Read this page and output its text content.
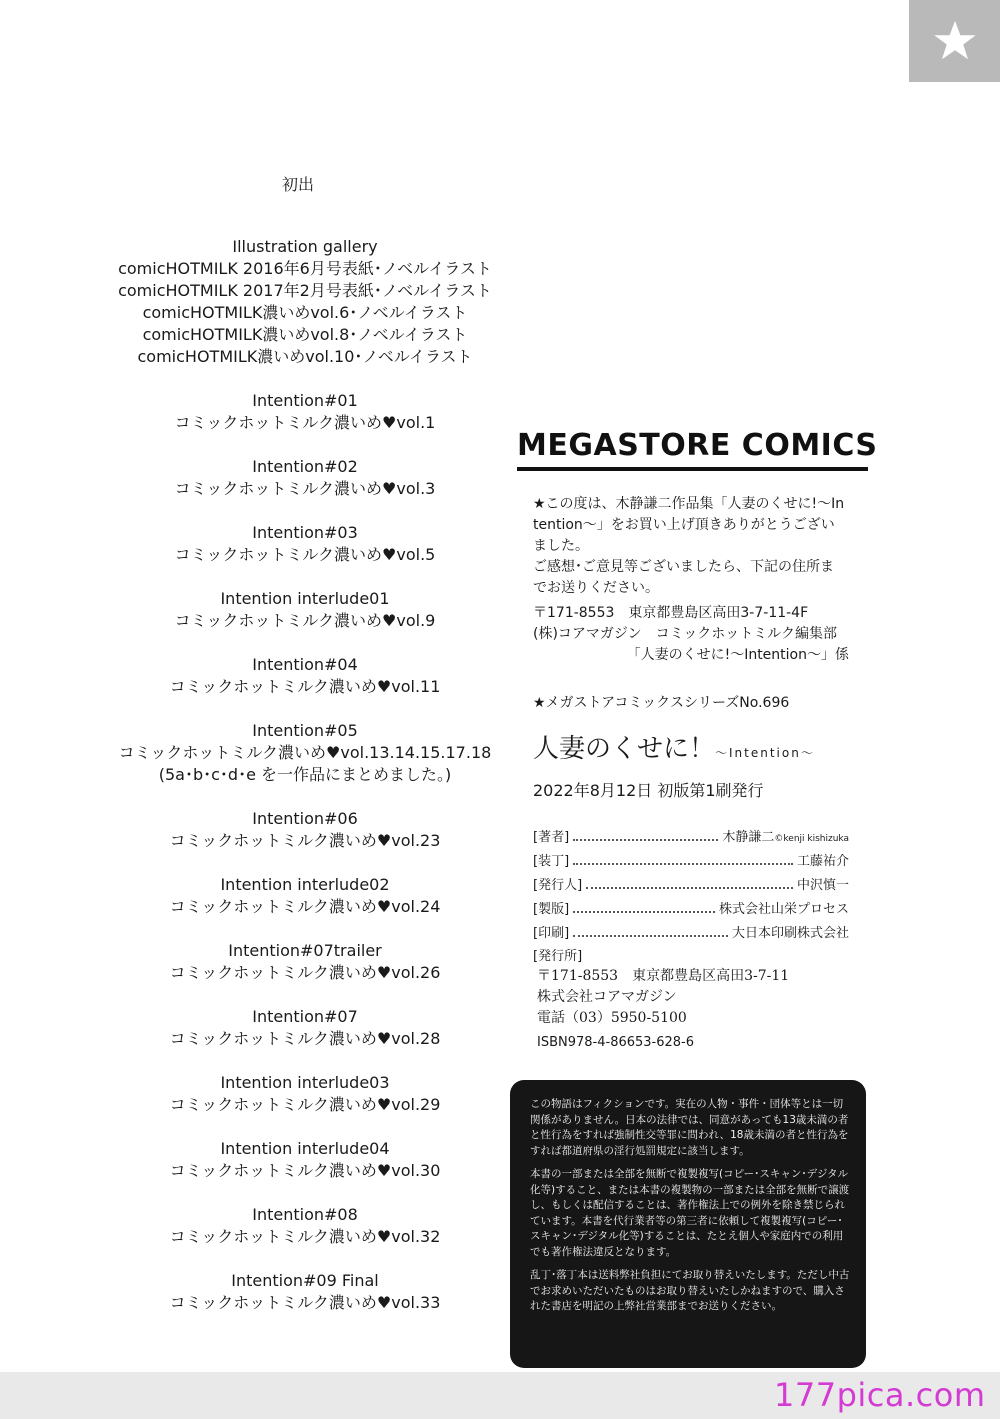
初出
Illustration gallery
comicHOTMILK 2016年6月号表紙･ノベルイラスト
comicHOTMILK 2017年2月号表紙･ノベルイラスト
comicHOTMILK濃いめvol.6･ノベルイラスト
comicHOTMILK濃いめvol.8･ノベルイラスト
comicHOTMILK濃いめvol.10･ノベルイラスト
Intention#01
コミックホットミルク濃いめ♥vol.1
Intention#02
コミックホットミルク濃いめ♥vol.3
Intention#03
コミックホットミルク濃いめ♥vol.5
Intention interlude01
コミックホットミルク濃いめ♥vol.9
Intention#04
コミックホットミルク濃いめ♥vol.11
Intention#05
コミックホットミルク濃いめ♥vol.13.14.15.17.18
(5a･b･c･d･e を一作品にまとめました。)
Intention#06
コミックホットミルク濃いめ♥vol.23
Intention interlude02
コミックホットミルク濃いめ♥vol.24
Intention#07trailer
コミックホットミルク濃いめ♥vol.26
Intention#07
コミックホットミルク濃いめ♥vol.28
Intention interlude03
コミックホットミルク濃いめ♥vol.29
Intention interlude04
コミックホットミルク濃いめ♥vol.30
Intention#08
コミックホットミルク濃いめ♥vol.32
Intention#09 Final
コミックホットミルク濃いめ♥vol.33
MEGASTORE COMICS
★この度は、木静謙二作品集「人妻のくせに!〜In
tention〜」をお買い上げ頂きありがとうござい
ました。
ご感想･ご意見等ございましたら、下記の住所ま
でお送りください。
〒171-8553　東京都豊島区高田3-7-11-4F
(株)コアマガジン　コミックホットミルク編集部
「人妻のくせに!〜Intention〜」係
★メガストアコミックスシリーズNo.696
人妻のくせに！〜Intention〜
2022年8月12日 初版第1刷発行
[著者]	木静謙二©kenji kishizuka
[装丁]	工藤祐介
[発行人]	中沢慎一
[製版]	株式会社山栄プロセス
[印刷]	大日本印刷株式会社
[発行所]
〒171-8553　東京都豊島区高田3-7-11
株式会社コアマガジン
電話（03）5950-5100
ISBN978-4-86653-628-6

この物語はフィクションです。実在の人物・事件・団体等とは一切関係がありません。日本の法律では、同意があっても13歳未満の者と性行為をすれば強制性交等罪に問われ、18歳未満の者と性行為をすれば都道府県の淫行処罰規定に該当します。

本書の一部または全部を無断で複製複写(コピー･スキャン･デジタル化等)すること、または本書の複製物の一部または全部を無断で譲渡し、もしくは配信することは、著作権法上での例外を除き禁じられています。本書を代行業者等の第三者に依頼して複製複写(コピー･スキャン･デジタル化等)することは、たとえ個人や家庭内での利用でも著作権法違反となります。

乱丁･落丁本は送料弊社負担にてお取り替えいたします。ただし中古でお求めいただいたものはお取り替えいたしかねますので、購入された書店を明記の上弊社営業部までお送りください。

177pica.com
